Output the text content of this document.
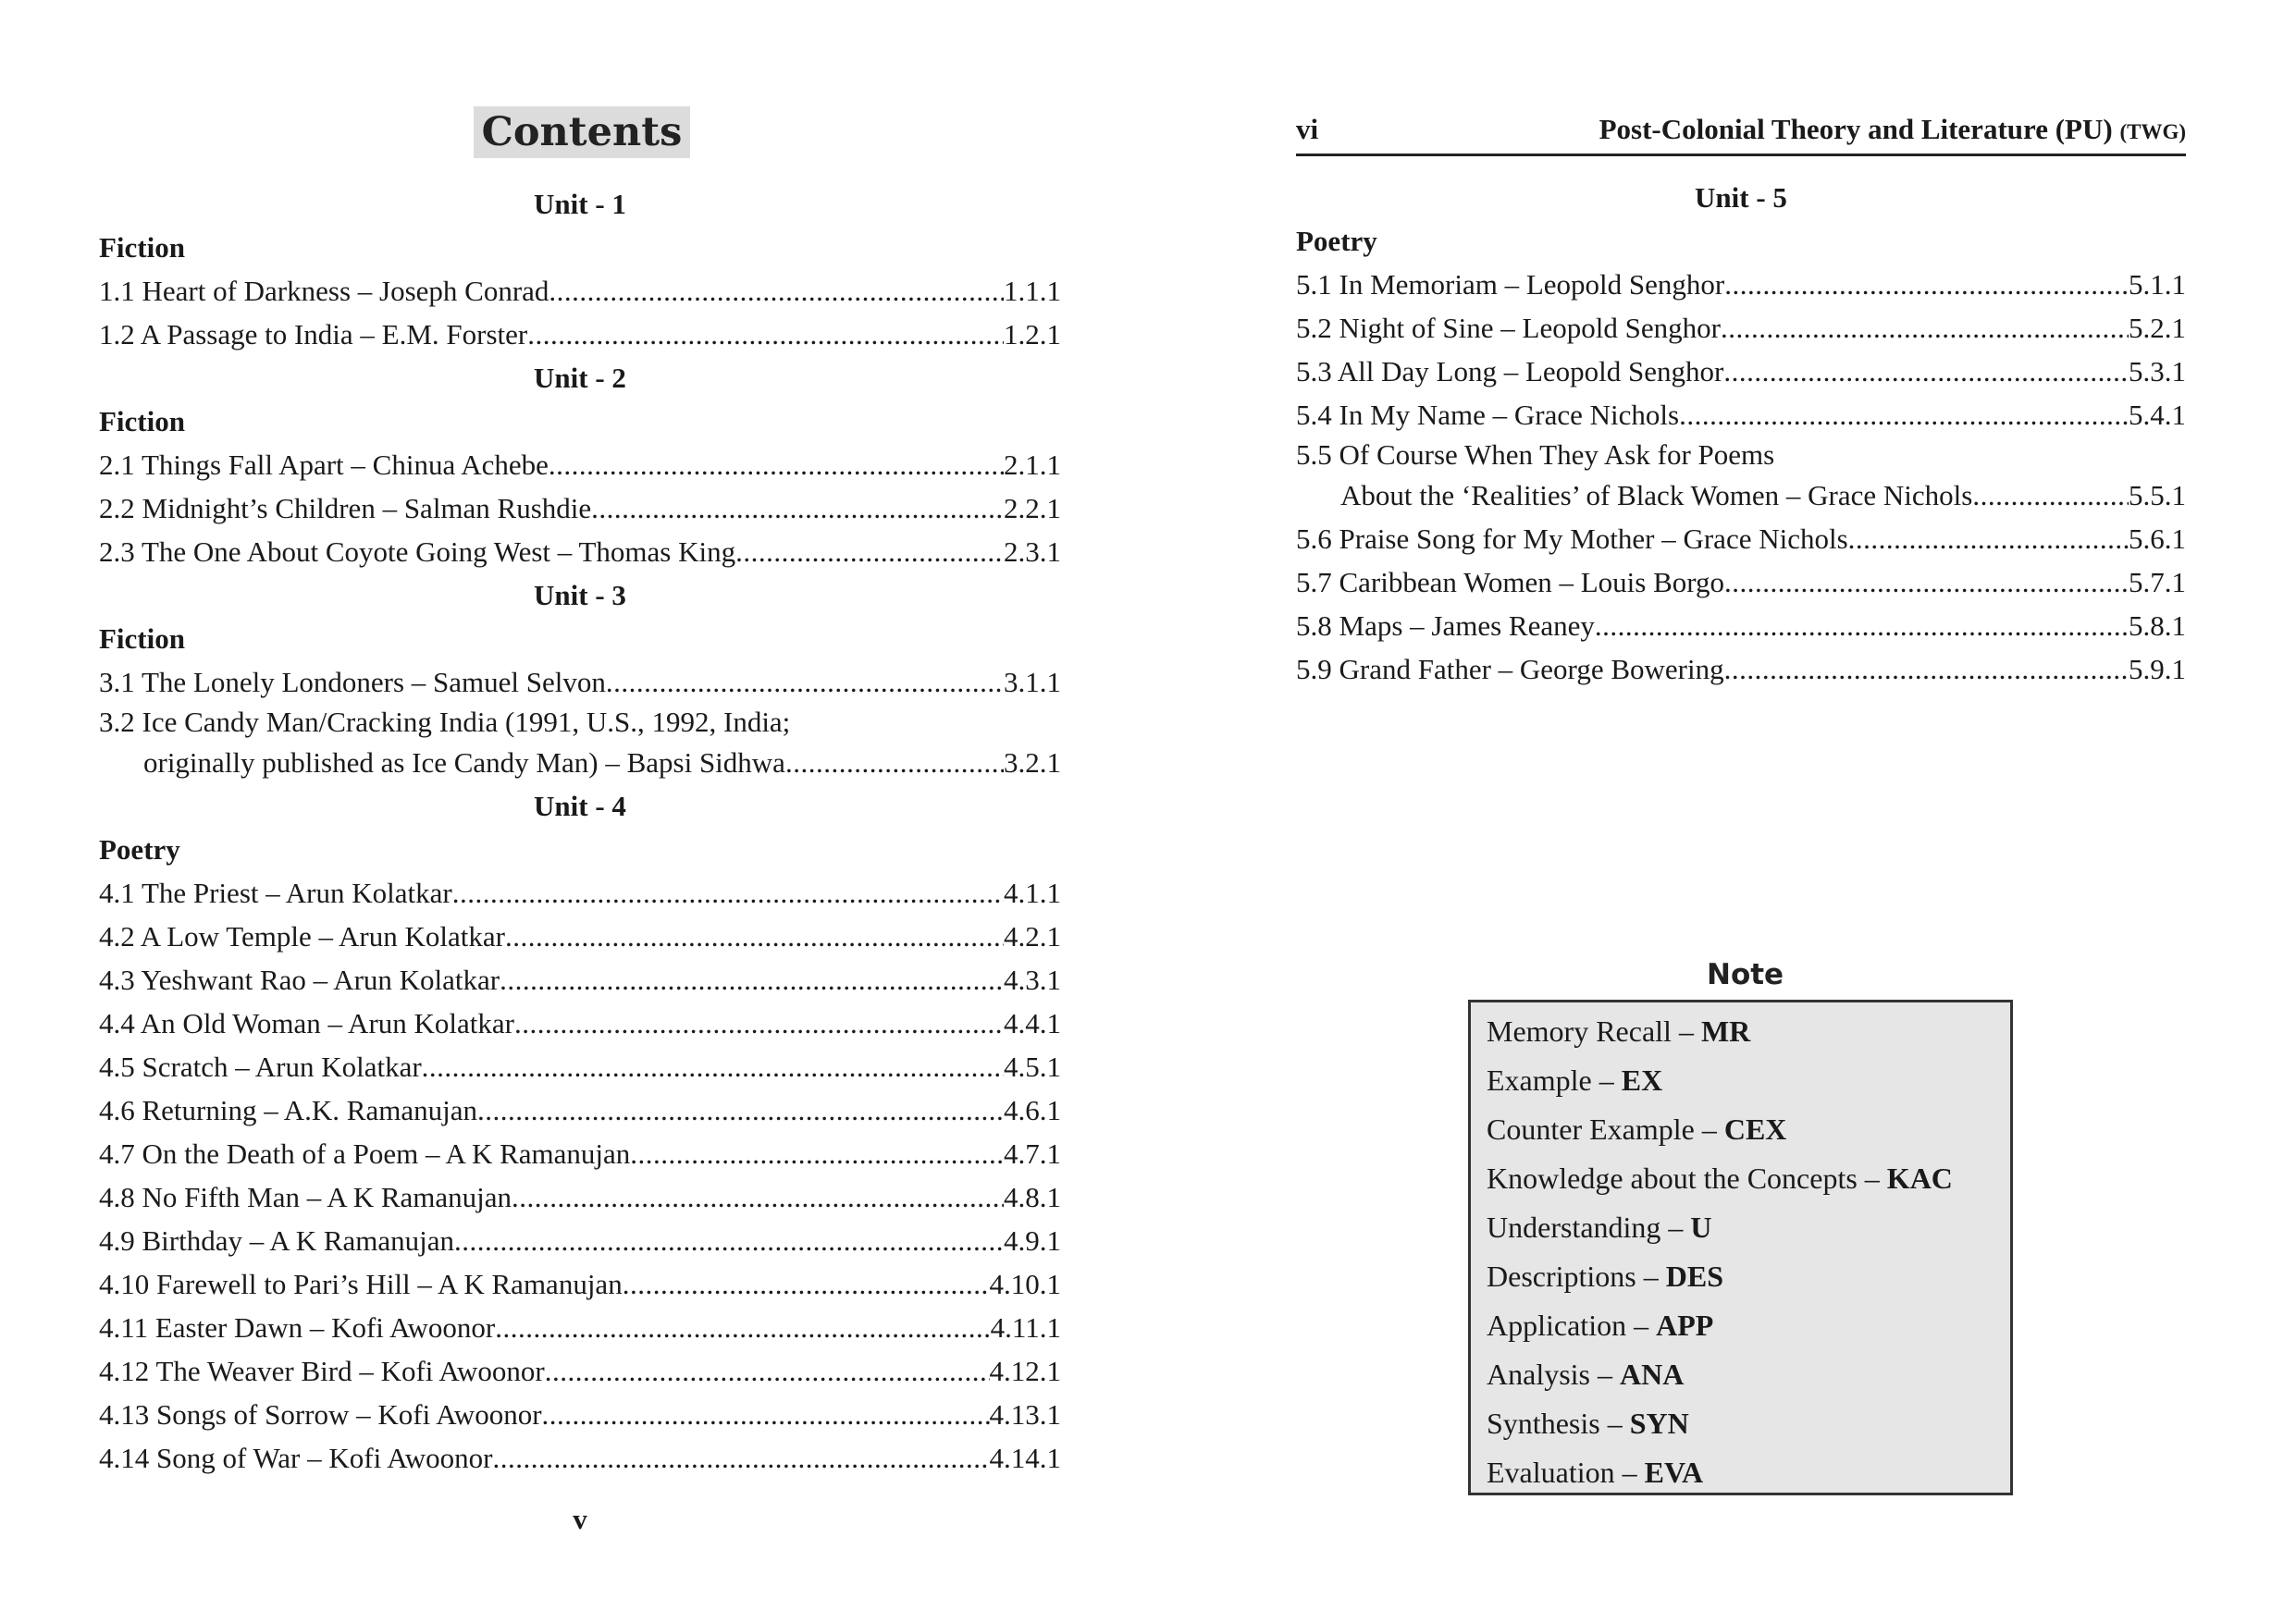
Contents
Unit - 1
Fiction
1.1 Heart of Darkness – Joseph Conrad .....	1.1.1
1.2 A Passage to India – E.M. Forster .....	1.2.1
Unit - 2
Fiction
2.1 Things Fall Apart – Chinua Achebe .....	2.1.1
2.2 Midnight’s Children – Salman Rushdie .....	2.2.1
2.3 The One About Coyote Going West – Thomas King .....	2.3.1
Unit - 3
Fiction
3.1 The Lonely Londoners – Samuel Selvon .....	3.1.1
3.2 Ice Candy Man/Cracking India (1991, U.S., 1992, India;
originally published as Ice Candy Man) – Bapsi Sidhwa .....	3.2.1
Unit - 4
Poetry
4.1 The Priest – Arun Kolatkar .....	4.1.1
4.2 A Low Temple – Arun Kolatkar .....	4.2.1
4.3 Yeshwant Rao – Arun Kolatkar .....	4.3.1
4.4 An Old Woman – Arun Kolatkar .....	4.4.1
4.5 Scratch – Arun Kolatkar .....	4.5.1
4.6 Returning – A.K. Ramanujan .....	4.6.1
4.7 On the Death of a Poem – A K Ramanujan .....	4.7.1
4.8 No Fifth Man – A K Ramanujan .....	4.8.1
4.9 Birthday – A K Ramanujan .....	4.9.1
4.10 Farewell to Pari’s Hill – A K Ramanujan .....	4.10.1
4.11 Easter Dawn – Kofi Awoonor .....	4.11.1
4.12 The Weaver Bird – Kofi Awoonor .....	4.12.1
4.13 Songs of Sorrow – Kofi Awoonor .....	4.13.1
4.14 Song of War – Kofi Awoonor .....	4.14.1
v
vi	Post-Colonial Theory and Literature (PU) (TWG)
Unit - 5
Poetry
5.1 In Memoriam – Leopold Senghor .....	5.1.1
5.2 Night of Sine – Leopold Senghor .....	5.2.1
5.3 All Day Long – Leopold Senghor .....	5.3.1
5.4 In My Name – Grace Nichols .....	5.4.1
5.5 Of Course When They Ask for Poems
About the ‘Realities’ of Black Women – Grace Nichols .....	5.5.1
5.6 Praise Song for My Mother – Grace Nichols .....	5.6.1
5.7 Caribbean Women – Louis Borgo .....	5.7.1
5.8 Maps – James Reaney .....	5.8.1
5.9 Grand Father – George Bowering .....	5.9.1
Note
Memory Recall – MR
Example – EX
Counter Example – CEX
Knowledge about the Concepts – KAC
Understanding – U
Descriptions – DES
Application – APP
Analysis – ANA
Synthesis – SYN
Evaluation – EVA
